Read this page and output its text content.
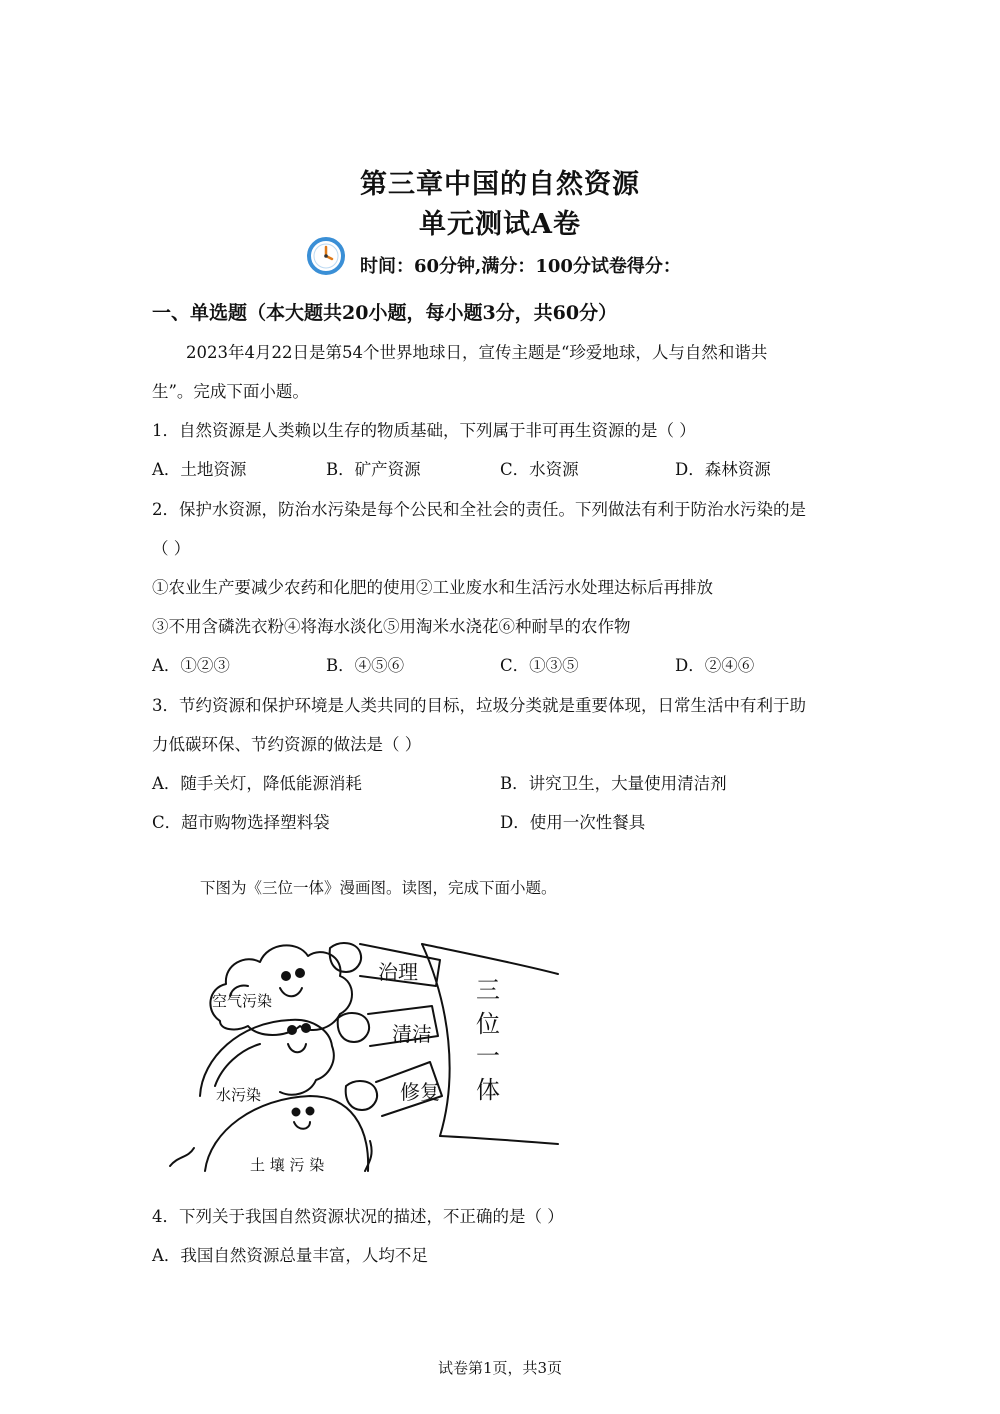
第三章中国的自然资源
单元测试A卷
时间：60分钟,满分：100分试卷得分：
一、单选题（本大题共20小题，每小题3分，共60分）
2023年4月22日是第54个世界地球日，宣传主题是“珍爱地球，人与自然和谐共
生”。完成下面小题。
1．自然资源是人类赖以生存的物质基础，下列属于非可再生资源的是（ ）
A．土地资源	B．矿产资源	C．水资源	D．森林资源
2．保护水资源，防治水污染是每个公民和全社会的责任。下列做法有利于防治水污染的是
（ ）
①农业生产要减少农药和化肥的使用②工业废水和生活污水处理达标后再排放
③不用含磷洗衣粉④将海水淡化⑤用淘米水浇花⑥种耐旱的农作物
A．①②③	B．④⑤⑥	C．①③⑤	D．②④⑥
3．节约资源和保护环境是人类共同的目标，垃圾分类就是重要体现，日常生活中有利于助
力低碳环保、节约资源的做法是（ ）
A．随手关灯，降低能源消耗	B．讲究卫生，大量使用清洁剂
C．超市购物选择塑料袋	D．使用一次性餐具
下图为《三位一体》漫画图。读图，完成下面小题。
空气污染
水污染
土 壤 污 染
治理
清洁
修复
三
位
一
体
4．下列关于我国自然资源状况的描述，不正确的是（ ）
A．我国自然资源总量丰富，人均不足
试卷第1页，共3页
